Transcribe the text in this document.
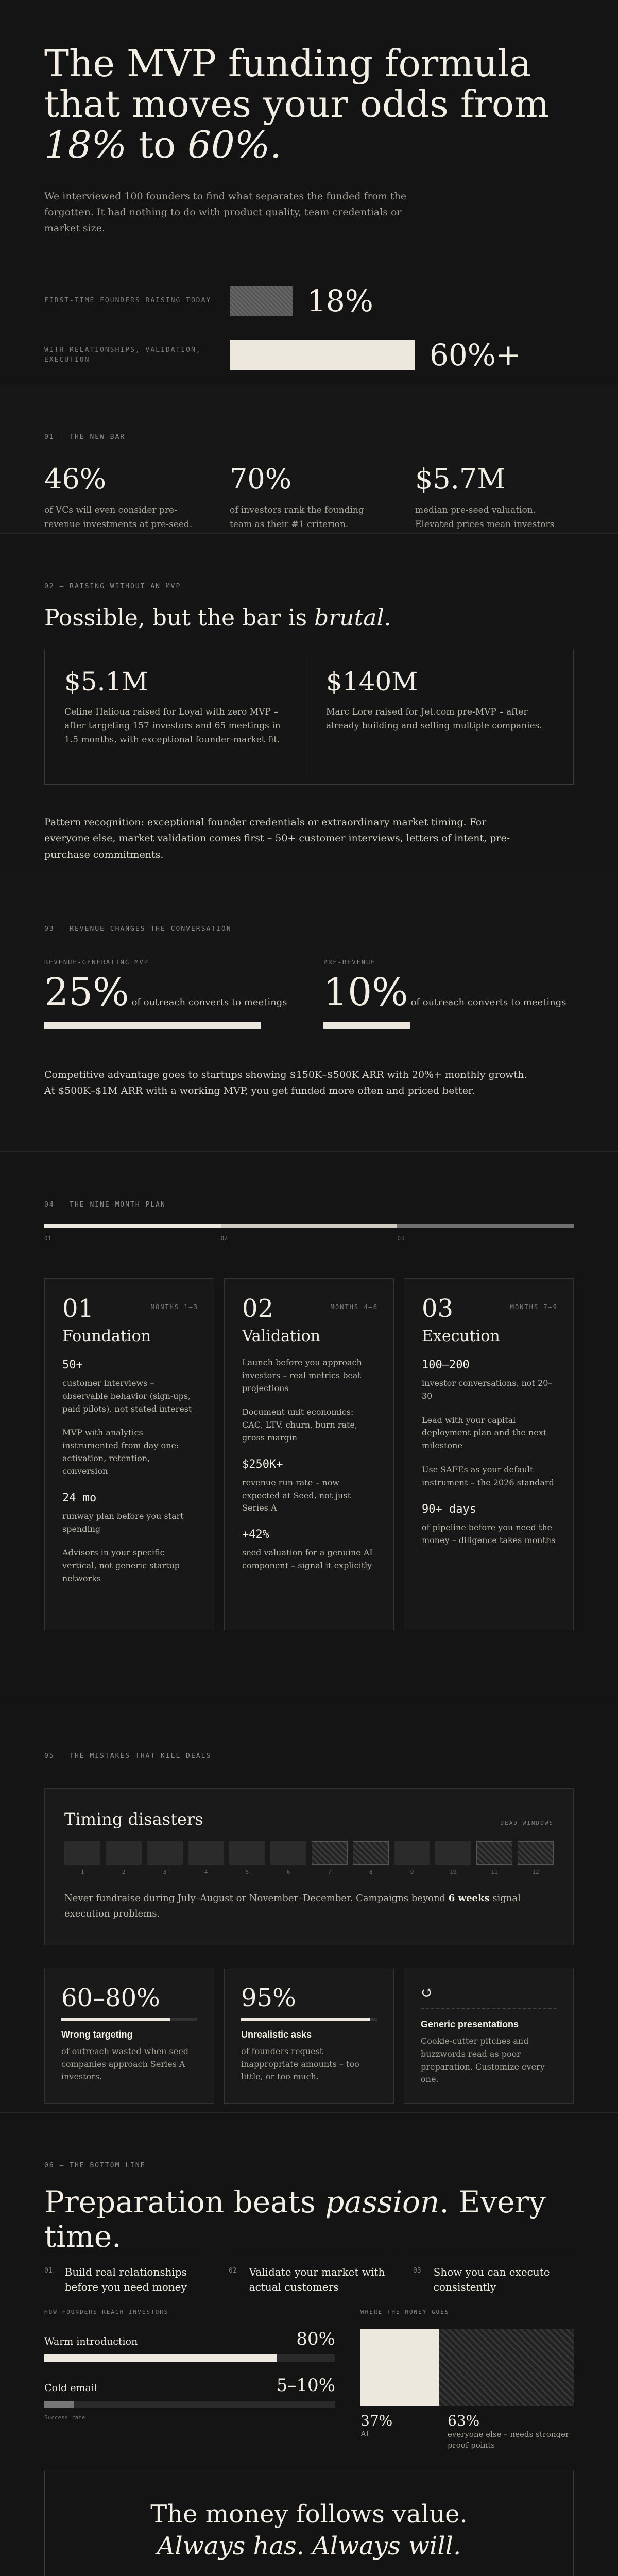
The MVP funding formula
that moves your odds from
18% to 60%.

We interviewed 100 founders to find what separates the funded from the forgotten. It had nothing to do with product quality, team credentials or market size.

FIRST-TIME FOUNDERS RAISING TODAY	18%
WITH RELATIONSHIPS, VALIDATION, EXECUTION	60%+
01 — THE NEW BAR
46%
of VCs will even consider pre-revenue investments at pre-seed.
70%
of investors rank the founding team as their #1 criterion.
$5.7M
median pre-seed valuation. Elevated prices mean investors
02 — RAISING WITHOUT AN MVP
Possible, but the bar is brutal.
$5.1M
Celine Halioua raised for Loyal with zero MVP – after targeting 157 investors and 65 meetings in 1.5 months, with exceptional founder-market fit.
$140M
Marc Lore raised for Jet.com pre-MVP – after already building and selling multiple companies.

Pattern recognition: exceptional founder credentials or extraordinary market timing. For everyone else, market validation comes first – 50+ customer interviews, letters of intent, pre-purchase commitments.

03 — REVENUE CHANGES THE CONVERSATION
REVENUE-GENERATING MVP
25% of outreach converts to meetings
PRE-REVENUE
10% of outreach converts to meetings

Competitive advantage goes to startups showing $150K–$500K ARR with 20%+ monthly growth. At $500K–$1M ARR with a working MVP, you get funded more often and priced better.

04 — THE NINE-MONTH PLAN
01	02	03
01	MONTHS 1–3
Foundation
50+
customer interviews – observable behavior (sign-ups, paid pilots), not stated interest
MVP with analytics instrumented from day one: activation, retention, conversion
24 mo
runway plan before you start spending
Advisors in your specific vertical, not generic startup networks
02	MONTHS 4–6
Validation
Launch before you approach investors – real metrics beat projections
Document unit economics: CAC, LTV, churn, burn rate, gross margin
$250K+
revenue run rate – now expected at Seed, not just Series A
+42%
seed valuation for a genuine AI component – signal it explicitly
03	MONTHS 7–9
Execution
100–200
investor conversations, not 20–30
Lead with your capital deployment plan and the next milestone
Use SAFEs as your default instrument – the 2026 standard
90+ days
of pipeline before you need the money – diligence takes months
05 — THE MISTAKES THAT KILL DEALS
Timing disasters	DEAD WINDOWS
1	2	3	4	5	6	7	8	9	10	11	12

Never fundraise during July–August or November–December. Campaigns beyond 6 weeks signal execution problems.

60–80%
Wrong targeting
of outreach wasted when seed companies approach Series A investors.
95%
Unrealistic asks
of founders request inappropriate amounts – too little, or too much.
↺
Generic presentations
Cookie-cutter pitches and buzzwords read as poor preparation. Customize every one.
06 — THE BOTTOM LINE
Preparation beats passion. Every time.
01 Build real relationships before you need money
02 Validate your market with actual customers
03 Show you can execute consistently
HOW FOUNDERS REACH INVESTORS
Warm introduction	80%
Cold email	5–10%
Success rate
WHERE THE MONEY GOES
37%
AI
63%
everyone else – needs stronger proof points
The money follows value.
Always has. Always will.
